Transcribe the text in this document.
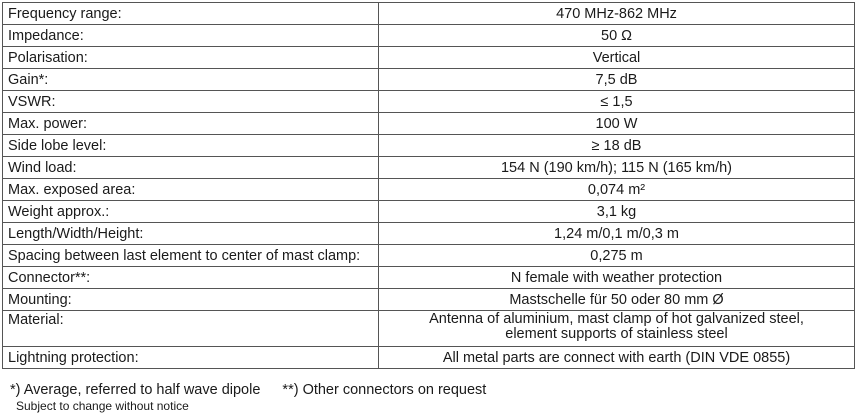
Frequency range:	470 MHz-862 MHz
Impedance:	50 Ω
Polarisation:	Vertical
Gain*:	7,5 dB
VSWR:	≤ 1,5
Max. power:	100 W
Side lobe level:	≥ 18 dB
Wind load:	154 N (190 km/h); 115 N (165 km/h)
Max. exposed area:	0,074 m²
Weight approx.:	3,1 kg
Length/Width/Height:	1,24 m/0,1 m/0,3 m
Spacing between last element to center of mast clamp:	0,275 m
Connector**:	N female with weather protection
Mounting:	Mastschelle für 50 oder 80 mm Ø
Material:	Antenna of aluminium, mast clamp of hot galvanized steel,
element supports of stainless steel

Lightning protection:	All metal parts are connect with earth (DIN VDE 0855)
*) Average, referred to half wave dipole **) Other connectors on request
Subject to change without notice
